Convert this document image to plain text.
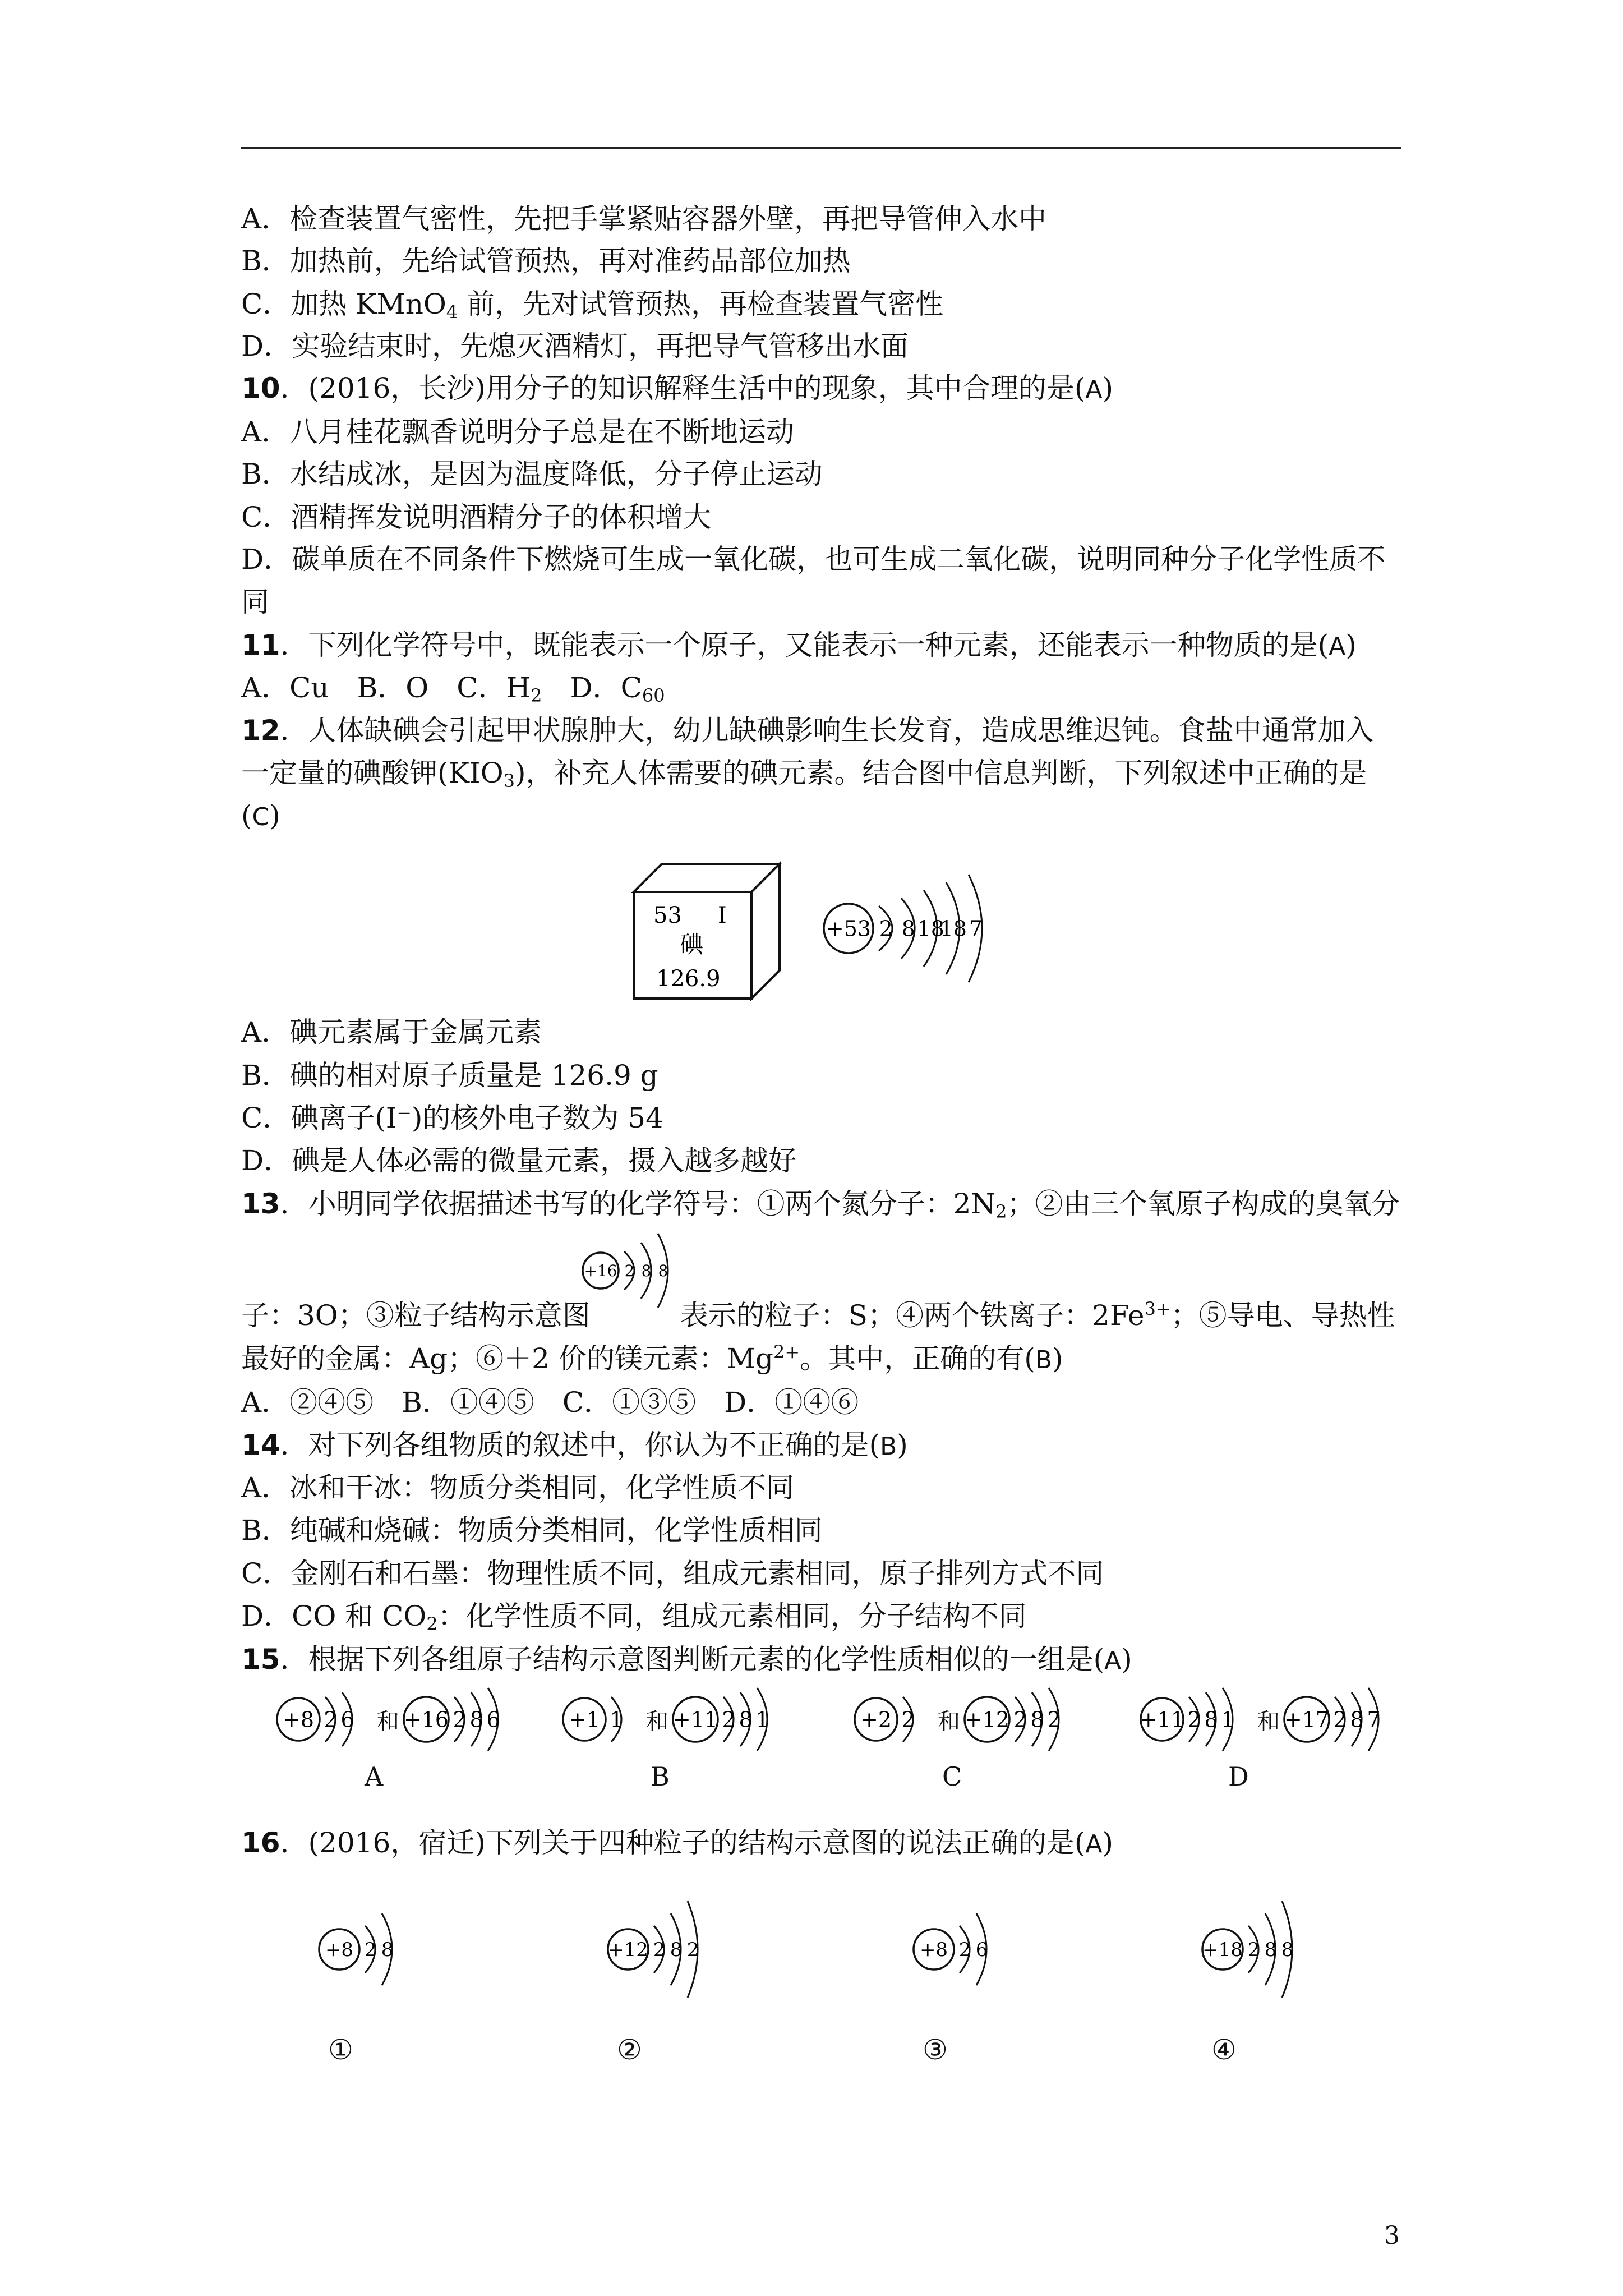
A．检查装置气密性，先把手掌紧贴容器外壁，再把导管伸入水中
B．加热前，先给试管预热，再对准药品部位加热
C．加热 KMnO$_4$ 前，先对试管预热，再检查装置气密性
D．实验结束时，先熄灭酒精灯，再把导气管移出水面
10．(2016，长沙)用分子的知识解释生活中的现象，其中合理的是(A)
A．八月桂花飘香说明分子总是在不断地运动
B．水结成冰，是因为温度降低，分子停止运动
C．酒精挥发说明酒精分子的体积增大
D．碳单质在不同条件下燃烧可生成一氧化碳，也可生成二氧化碳，说明同种分子化学性质不
同
11．下列化学符号中，既能表示一个原子，又能表示一种元素，还能表示一种物质的是(A)
A．Cu　B．O　C．$H_2$　D．$C_{60}$
12．人体缺碘会引起甲状腺肿大，幼儿缺碘影响生长发育，造成思维迟钝。食盐中通常加入
一定量的碘酸钾$(KIO_3)$，补充人体需要的碘元素。结合图中信息判断，下列叙述中正确的是
(C)
53 I
碘
126.9
+53 2 8 18
18 7
A．碘元素属于金属元素
B．碘的相对原子质量是 126.9 g
C．碘离子(I⁻)的核外电子数为 54
D．碘是人体必需的微量元素，摄入越多越好
13．小明同学依据描述书写的化学符号：①两个氮分子：$2N_2$；②由三个氧原子构成的臭氧分
+16 2 8 8
子：3O；③粒子结构示意图	表示的粒子：S；④两个铁离子：$2Fe^{3+}$；⑤导电、导热性
最好的金属：Ag；⑥＋2 价的镁元素：$Mg^{2+}$。其中，正确的有(B)
A．②④⑤　B．①④⑤　C．①③⑤　D．①④⑥
14．对下列各组物质的叙述中，你认为不正确的是(B)
A．冰和干冰：物质分类相同，化学性质不同
B．纯碱和烧碱：物质分类相同，化学性质相同
C．金刚石和石墨：物理性质不同，组成元素相同，原子排列方式不同
D．CO 和 $CO_2$：化学性质不同，组成元素相同，分子结构不同
15．根据下列各组原子结构示意图判断元素的化学性质相似的一组是(A)
+8 2 6 和 +16 2 8 6
A
+1 1 和 +11 2 8 1
B
+2 2 和 +12 2 8 2
C
+11 2 8 1 和 +17 2 8 7
D
16．(2016，宿迁)下列关于四种粒子的结构示意图的说法正确的是(A)
+8 2 8
①
+12 2 8 2
②
+8 2 6
③
+18 2 8 8
④
3
